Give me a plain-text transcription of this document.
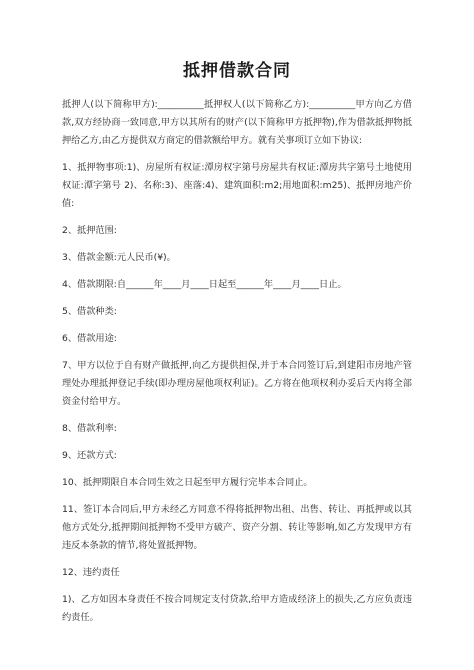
抵押借款合同

抵押人(以下简称甲方):__________抵押权人(以下简称乙方):__________甲方向乙方借款,双方经协商一致同意,甲方以其所有的财产(以下简称甲方抵押物),作为借款抵押物抵押给乙方,由乙方提供双方商定的借款额给甲方。就有关事项订立如下协议:

1、抵押物事项:1)、房屋所有权证:潭房权字第号房屋共有权证:潭房共字第号土地使用权证:潭字第号 2)、名称:3)、座落:4)、建筑面积:m2;用地面积:m25)、抵押房地产价值:

2、抵押范围:

3、借款金额:元人民币(¥)。

4、借款期限:自______年____月____日起至______年____月____日止。

5、借款种类:

6、借款用途:

7、甲方以位于自有财产做抵押,向乙方提供担保,并于本合同签订后,到建阳市房地产管理处办理抵押登记手续(即办理房屋他项权利证)。乙方将在他项权利办妥后天内将全部资金付给甲方。

8、借款利率:

9、还款方式:

10、抵押期限自本合同生效之日起至甲方履行完毕本合同止。

11、签订本合同后,甲方未经乙方同意不得将抵押物出租、出售、转让、再抵押或以其他方式处分,抵押期间抵押物不受甲方破产、资产分割、转让等影响,如乙方发现甲方有违反本条款的情节,将处置抵押物。

12、违约责任

1)、乙方如因本身责任不按合同规定支付贷款,给甲方造成经济上的损失,乙方应负责违约责任。
